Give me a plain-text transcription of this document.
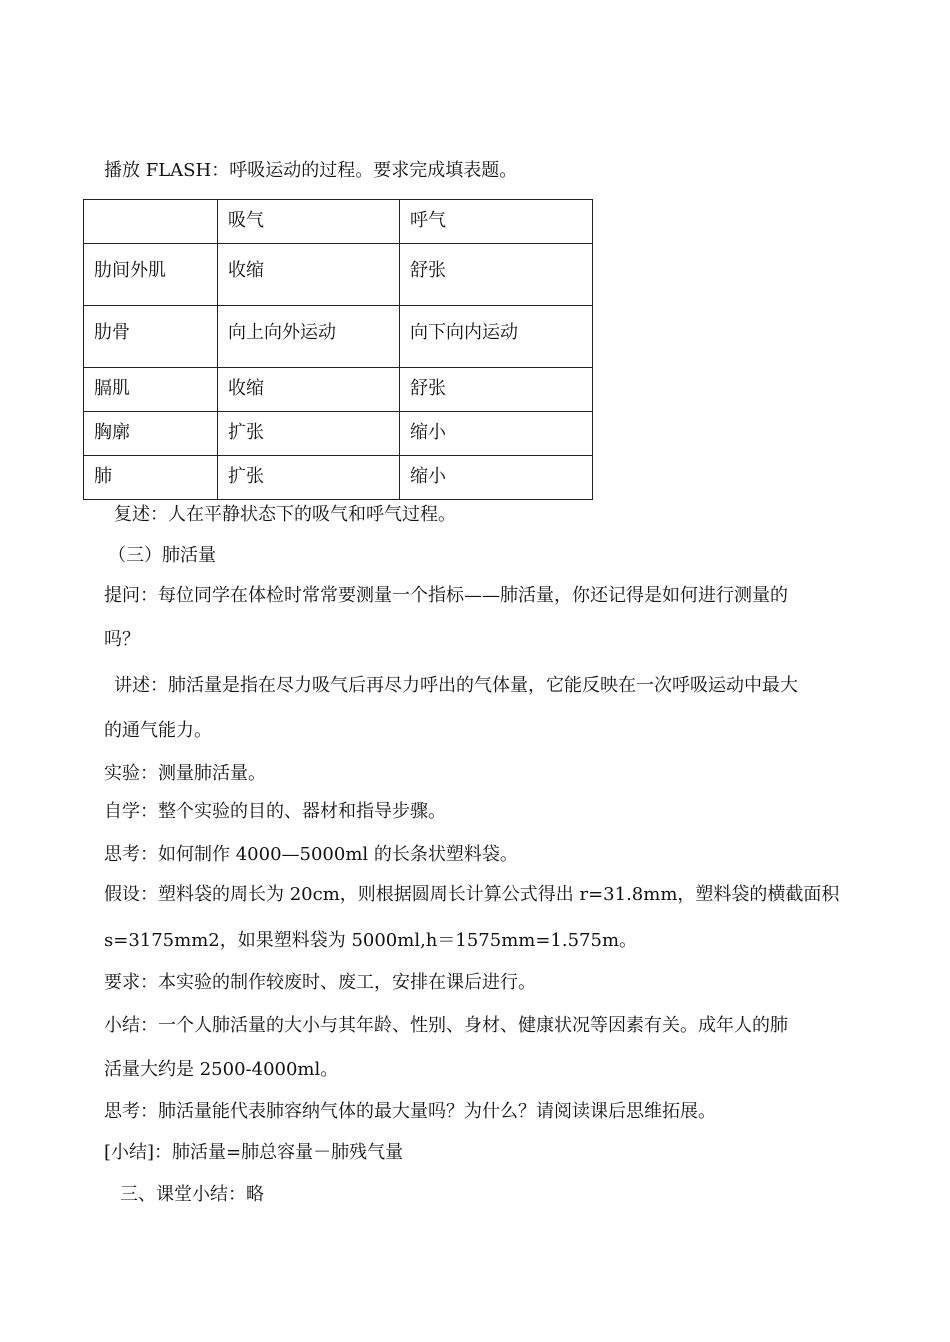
播放 FLASH：呼吸运动的过程。要求完成填表题。
	吸气	呼气
肋间外肌	收缩	舒张
肋骨	向上向外运动	向下向内运动
膈肌	收缩	舒张
胸廓	扩张	缩小
肺	扩张	缩小
复述：人在平静状态下的吸气和呼气过程。
（三）肺活量
提问：每位同学在体检时常常要测量一个指标——肺活量，你还记得是如何进行测量的
吗？
讲述：肺活量是指在尽力吸气后再尽力呼出的气体量，它能反映在一次呼吸运动中最大
的通气能力。
实验：测量肺活量。
自学：整个实验的目的、器材和指导步骤。
思考：如何制作 4000—5000ml 的长条状塑料袋。
假设：塑料袋的周长为 20cm，则根据圆周长计算公式得出 r=31.8mm，塑料袋的横截面积
s=3175mm2，如果塑料袋为 5000ml,h＝1575mm=1.575m。
要求：本实验的制作较废时、废工，安排在课后进行。
小结：一个人肺活量的大小与其年龄、性别、身材、健康状况等因素有关。成年人的肺
活量大约是 2500-4000ml。
思考：肺活量能代表肺容纳气体的最大量吗？为什么？请阅读课后思维拓展。
[小结]：肺活量=肺总容量－肺残气量
三、课堂小结：略
